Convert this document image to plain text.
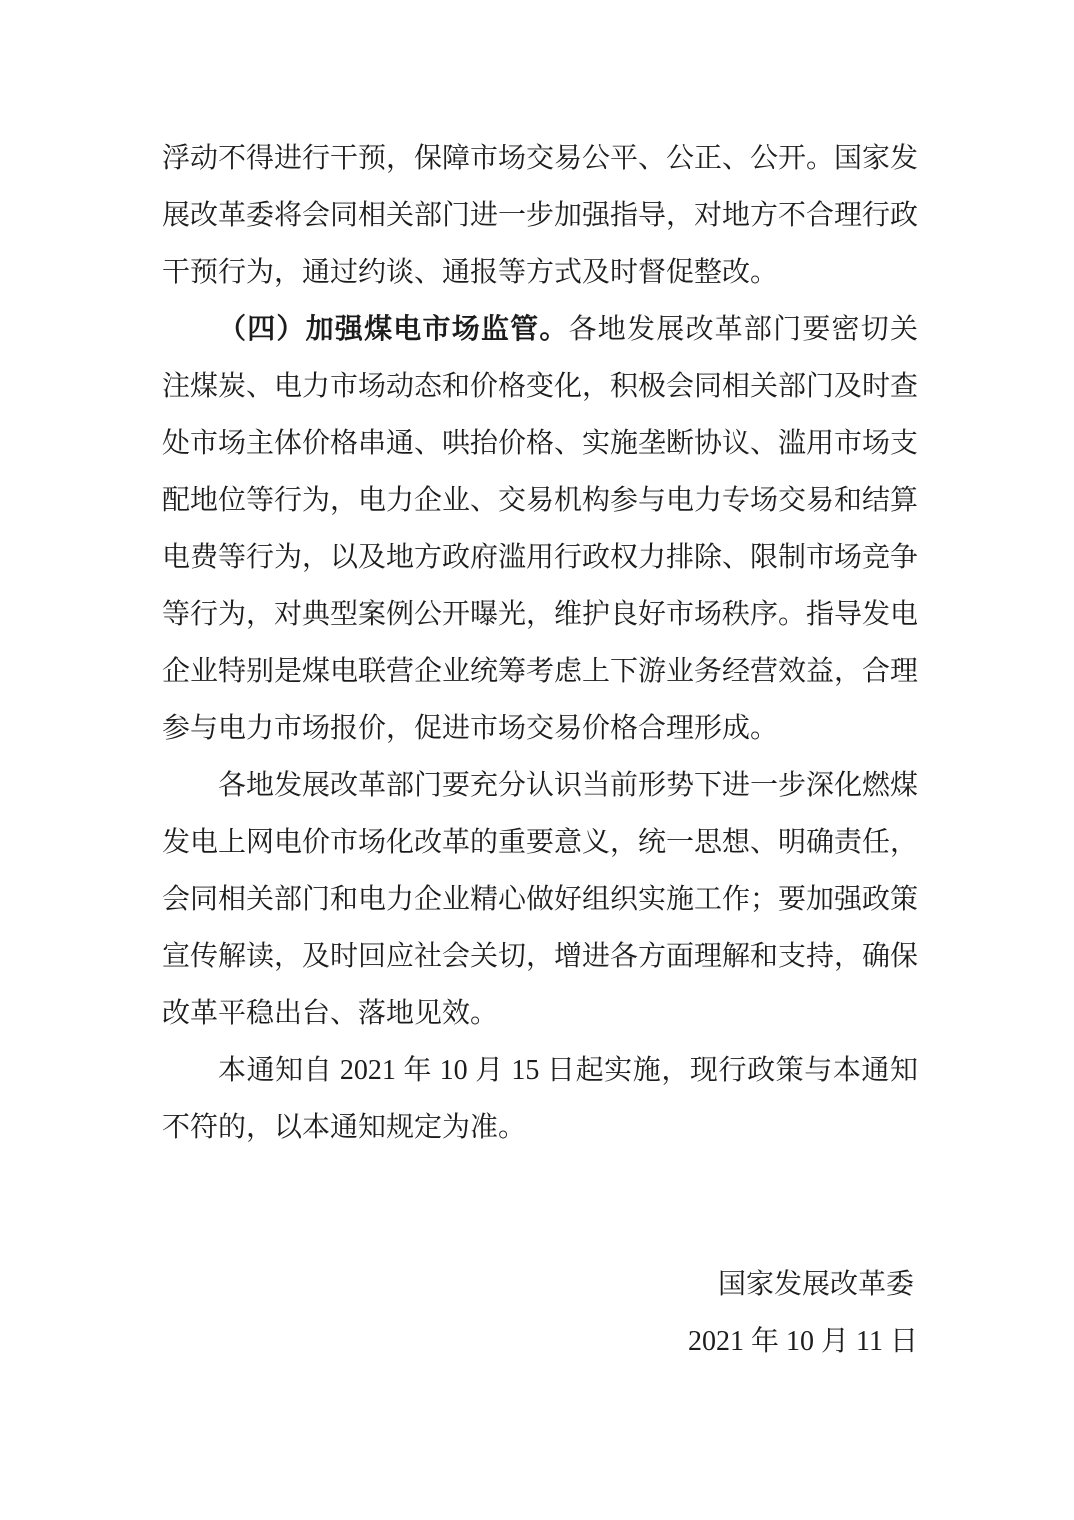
浮动不得进行干预，保障市场交易公平、公正、公开。国家发展改革委将会同相关部门进一步加强指导，对地方不合理行政干预行为，通过约谈、通报等方式及时督促整改。

（四）加强煤电市场监管。各地发展改革部门要密切关注煤炭、电力市场动态和价格变化，积极会同相关部门及时查处市场主体价格串通、哄抬价格、实施垄断协议、滥用市场支配地位等行为，电力企业、交易机构参与电力专场交易和结算电费等行为，以及地方政府滥用行政权力排除、限制市场竞争等行为，对典型案例公开曝光，维护良好市场秩序。指导发电企业特别是煤电联营企业统筹考虑上下游业务经营效益，合理参与电力市场报价，促进市场交易价格合理形成。

各地发展改革部门要充分认识当前形势下进一步深化燃煤发电上网电价市场化改革的重要意义，统一思想、明确责任，会同相关部门和电力企业精心做好组织实施工作；要加强政策宣传解读，及时回应社会关切，增进各方面理解和支持，确保改革平稳出台、落地见效。

本通知自 2021 年 10 月 15 日起实施，现行政策与本通知不符的，以本通知规定为准。

国家发展改革委
2021 年 10 月 11 日
